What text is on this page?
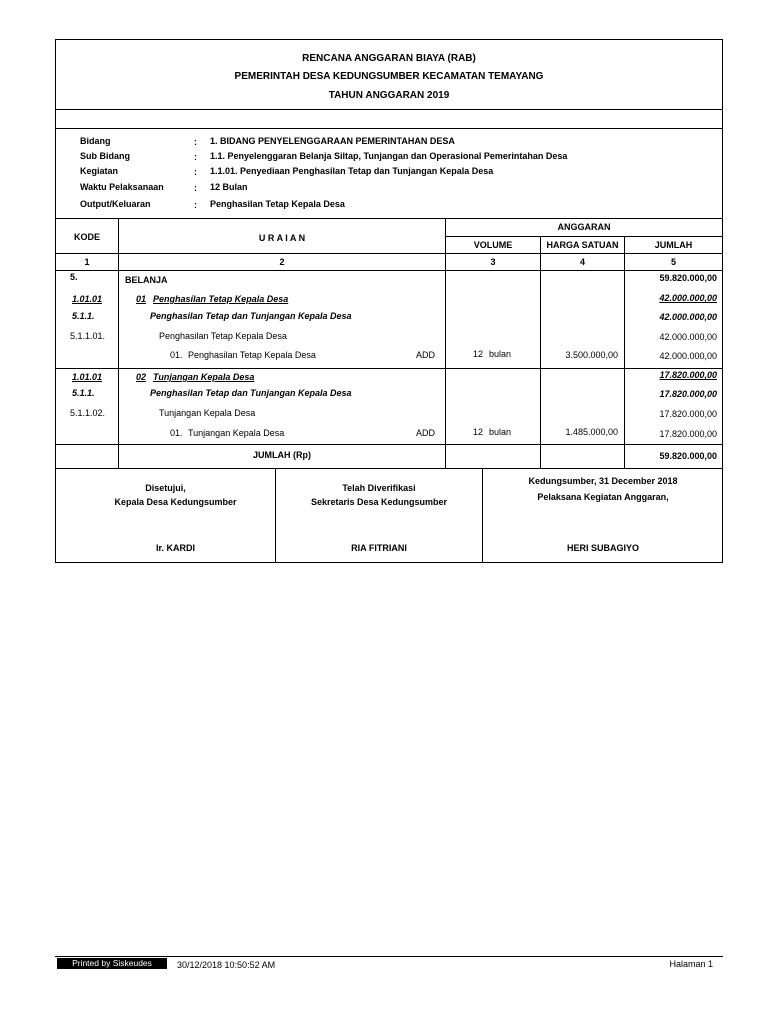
RENCANA ANGGARAN BIAYA (RAB)
PEMERINTAH DESA KEDUNGSUMBER KECAMATAN TEMAYANG
TAHUN ANGGARAN 2019
Bidang	: 1. BIDANG PENYELENGGARAAN PEMERINTAHAN DESA
Sub Bidang	: 1.1. Penyelenggaran Belanja Siltap, Tunjangan dan Operasional Pemerintahan Desa
Kegiatan	: 1.1.01. Penyediaan Penghasilan Tetap dan Tunjangan Kepala Desa
Waktu Pelaksanaan	: 12 Bulan
Output/Keluaran	: Penghasilan Tetap Kepala Desa
KODE	U R A I A N
ANGGARAN
VOLUME	HARGA SATUAN	JUMLAH
1	2	3	4	5
5.	BELANJA	59.820.000,00
1.01.01	01 Penghasilan Tetap Kepala Desa	42.000.000,00
5.1.1.	Penghasilan Tetap dan Tunjangan Kepala Desa	42.000.000,00
5.1.1.01.	Penghasilan Tetap Kepala Desa	42.000.000,00
01. Penghasilan Tetap Kepala Desa	ADD	12 bulan	3.500.000,00	42.000.000,00
1.01.01	02 Tunjangan Kepala Desa	17.820.000,00
5.1.1.	Penghasilan Tetap dan Tunjangan Kepala Desa	17.820.000,00
5.1.1.02.	Tunjangan Kepala Desa	17.820.000,00
01. Tunjangan Kepala Desa	ADD	12 bulan	1.485.000,00	17.820.000,00
JUMLAH (Rp)	59.820.000,00
Disetujui,
Kepala Desa Kedungsumber
Ir. KARDI
Telah Diverifikasi
Sekretaris Desa Kedungsumber
RIA FITRIANI
Kedungsumber, 31 December 2018
Pelaksana Kegiatan Anggaran,
HERI SUBAGIYO
Printed by Siskeudes	30/12/2018 10:50:52 AM	Halaman 1
